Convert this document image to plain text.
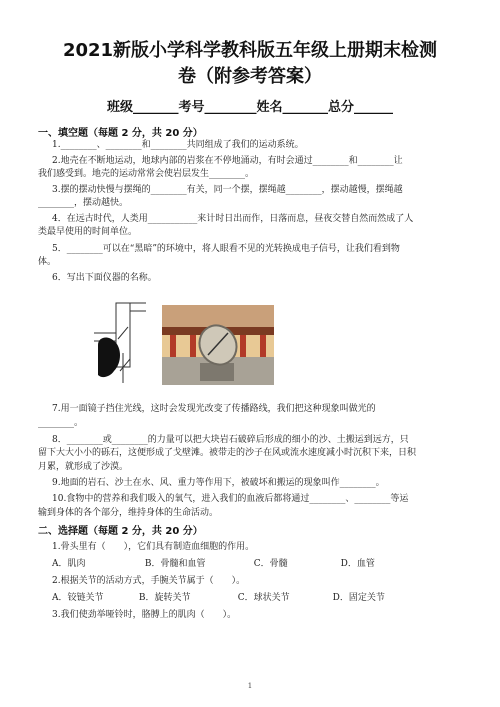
2021新版小学科学教科版五年级上册期末检测
卷（附参考答案）
班级_______考号________姓名_______总分______
一、填空题（每题 2 分，共 20 分）
1.________、________和________共同组成了我们的运动系统。
2.地壳在不断地运动，地球内部的岩浆在不停地涌动，有时会通过________和________让
我们感受到。地壳的运动常常会使岩层发生________。
3.摆的摆动快慢与摆绳的________有关，同一个摆，摆绳越________，摆动越慢，摆绳越
________，摆动越快。
4．在远古时代，人类用___________来计时日出而作，日落而息，昼夜交替自然而然成了人
类最早使用的时间单位。
5．________可以在“黑暗”的环境中，将人眼看不见的光转换成电子信号，让我们看到物
体。
6．写出下面仪器的名称。
7.用一面镜子挡住光线，这时会发现光改变了传播路线，我们把这种现象叫做光的
________。
8．________或________的力量可以把大块岩石破碎后形成的细小的沙、土搬运到远方，只
留下大大小小的砾石，这便形成了戈壁滩。被带走的沙子在风或流水速度减小时沉积下来，日积
月累，就形成了沙漠。
9.地面的岩石、沙土在水、风、重力等作用下，被破坏和搬运的现象叫作________。
10.食物中的营养和我们吸入的氧气，进入我们的血液后都将通过________、________等运
输到身体的各个部分，维持身体的生命活动。
二、选择题（每题 2 分，共 20 分）
1.骨头里有（　　），它们具有制造血细胞的作用。
A．肌肉	B．骨髓和血管	C．骨髓	D．血管
2.根据关节的活动方式，手腕关节属于（　　）。
A．铰链关节	B．旋转关节	C．球状关节	D．固定关节
3.我们使劲举哑铃时，胳膊上的肌肉（　　）。
1
